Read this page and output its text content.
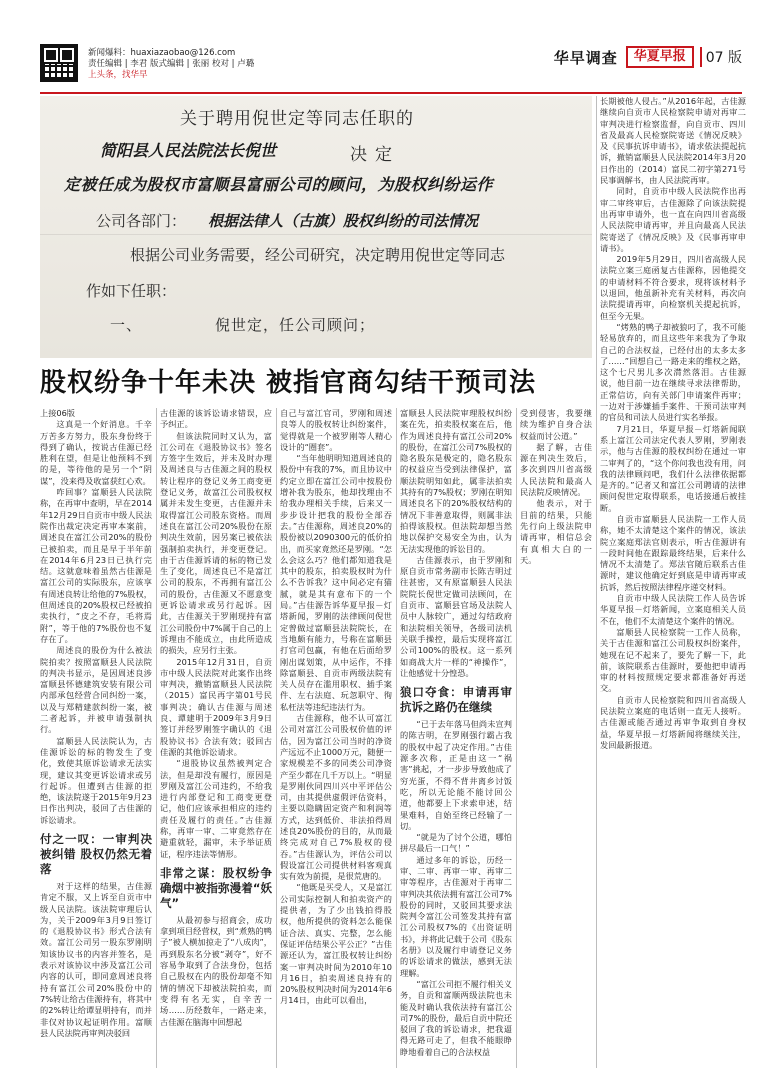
新闻爆料：huaxiazaobao@126.com
责任编辑 | 李君 版式编辑 | 张丽 校对 | 卢璐
上头条，找华早
华早调查	华夏早报	07 版
关于聘用倪世定等同志任职的
简阳县人民法院法长倪世	决定
定被任成为股权市富顺县富丽公司的顾问，为股权纠纷运作
公司各部门： 根据法律人（古旗）股权纠纷的司法情况
根据公司业务需要，经公司研究，决定聘用倪世定等同志
作如下任职：
一、	倪世定，任公司顾问；
股权纷争十年未决 被指官商勾结干预司法

上接06版

这真是一个好消息。千辛万苦多方努力，股东身份终于得到了确认，按说古佳源已经胜利在望，但是让他预料不到的是，等待他的是另一个“阴谋”，没来得及收富获红心欢。

咋回事？富顺县人民法院称，在再审中查明，早在2014年12月29日自贡市中级人民法院作出裁定决定再审本案前，周述良在富江公司20%的股份已被拍卖，而且是早于半年前在2014年6月23日已执行完结。这就意味着虽然古佳源是富江公司的实际股东，应该享有周述良转让给他的7%股权，但周述良的20%股权已经被拍卖执行，“皮之不存，毛将焉附”，等于他的7%股份也不复存在了。

周述良的股份为什么被法院拍卖？按照富顺县人民法院的判决书显示，是因周述良涉富顺县怀德建筑安装有限公司内部承包经营合同纠纷一案，以及与郑精建款纠纷一案，被二者起诉，并被申请强制执行。

富顺县人民法院认为，古佳源诉讼的标的物发生了变化，致使其原诉讼请求无法实现，建议其变更诉讼请求或另行起诉。但遭到古佳源的拒绝，该法院遂于2015年9月23日作出判决，驳回了古佳源的诉讼请求。

付之一叹：一审判决被纠错 股权仍然无着落

对于这样的结果，古佳源肯定不服，又上诉至自贡市中级人民法院。该法院审理后认为，关于2009年3月9日签订的《退股协议书》形式合法有效。富江公司另一股东罗刚明知该协议书的内容并签名，是表示对该协议中涉及富江公司内容的认可，即同意周述良将持有富江公司20%股份中的7%转让给古佳源持有，将其中的2%转让给谭显明持有，而并非仅对协议起证明作用。富顺县人民法院再审判决驳回

古佳源的该诉讼请求错误，应予纠正。

但该法院同时又认为，富江公司在《退股协议书》签名方签字生效后，并未及时办理及周述良与古佳源之间的股权转让程序的登记义务工商变更登记义务，故富江公司股权权属并未发生变更，古佳源并未取得富江公司股东资格。而周述良在富江公司20%股份在原判决生效前，因另案已被依法强制拍卖执行，并变更登记。由于古佳源诉请的标的物已发生了变化，周述良已不是富江公司的股东，不再拥有富江公司的股份，古佳源又不愿意变更诉讼请求或另行起诉。因此，古佳源关于罗刚现持有富江公司股份中7%属于自己的上诉理由不能成立，由此所造成的损失，应另行主张。

2015年12月31日，自贡市中级人民法院对此案作出终审判决，撤销富顺县人民法院（2015）富民再字第01号民事判决；确认古佳源与周述良、谭建明于2009年3月9日签订并经罗刚签字确认的《退股协议书》合法有效；驳回古佳源的其他诉讼请求。

“退股协议虽然被判定合法，但是却没有履行，原因是罗刚及富江公司违约，不给我进行内部登记和工商变更登记，他们应该承担相应的违约责任及履行的责任。”古佳源称，再审一审、二审竟然存在避重就轻，漏审，未予举证质证，程序违法等情形。

非常之谋：股权纷争确烟中被指弥漫着“妖气”

从最初参与招商会，成功拿到项目经营权，到“煮熟的鸭子”被人横加掠走了“八成肉”，再到股东名分被“剥夺”，好不容易争取到了合法身份，包括自己股权在内的股份却毫不知情的情况下却被法院拍卖，而变得有名无实，自辛苦一场……历经数年，一路走来，古佳源在脑海中回想起

自己与富江官司，罗刚和周述良等人的股权转让纠纷案件，觉得就是一个被罗刚等人精心设计的“圈套”。

“当年他明明知道周述良的股份中有我的7%，而且协议中约定立即在富江公司中按股份增补我为股东，他却找理由不给我办理相关手续，后来又一步步设计把我的股份全部吞去。”古佳源称，周述良20%的股份被以2090300元的低价拍出，而买家竟然还是罗刚。“怎么会这么巧？他们都知道我是其中的股东，拍卖股权时为什么不告诉我？这中间必定有猫腻，就是其有意布下的一个局。”古佳源告诉华夏早报－灯塔新闻，罗刚的法律顾问倪世定曾做过富顺县法院院长，在当地颇有能力，号称在富顺县打官司包赢，有他在后面给罗刚出谋划策，从中运作，不排除富顺县、自贡市两级法院有关人员存在滥用职权、插手案件、左右法庭、玩忽职守、徇私枉法等违纪违法行为。

古佳源称，他不认可富江公司对富江公司股权价值的评估，因为富江公司当时的净资产远远不止1000万元，随便一家规模差不多的同类公司净资产至少都在几千万以上。“明显是罗刚伙同四川兴中平评估公司，由其提供虚假评估资料，主要以隐瞒固定资产和利润等方式，达到低价、非法拍得周述良20%股份的目的，从而最终完成对自己7%股权的侵吞。”古佳源认为，评估公司以假设富江公司提供材料客观真实有效为前提，是很荒唐的。

“他既是买受人，又是富江公司实际控制人和拍卖资产的提供者，为了少出钱拍得股权，他所提供的资料怎么能保证合法、真实、完整，怎么能保证评估结果公平公正？”古佳源还认为，富江股权转让纠纷案一审判决时间为2010年10月16日，拍卖周述良持有的20%股权判决时间为2014年6月14日，由此可以看出，

富顺县人民法院审理股权纠纷案在先，拍卖股权案在后，他作为周述良持有富江公司20%的股份，在富江公司7%股权的隐名股东是极定的，隐名股东的权益应当受到法律保护，富顺法院明知如此，属非法拍卖其持有的7%股权；罗刚在明知周述良名下的20%股权结构的情况下非善意取得，则属非法拍得该股权。但法院却想当然地以保护交易安全为由，认为无法实现他的诉讼目的。

古佳源表示，由于罗刚和原自贡市常务副市长陈吉明过往甚密，又有原富顺县人民法院院长倪世定做司法顾问，在自贡市、富顺县官场及法院人员中人脉较广，通过勾结政府和法院相关领导，各级司法机关联手操控，最后实现将富江公司100%的股权。这一系列如商战大片一样的“神操作”，让他感觉十分惶恐。

狼口夺食：申请再审抗诉之路仍在继续

“已于去年落马但尚未宣判的陈吉明，在罗刚强行霸占我的股权中起了决定作用。”古佳源多次称，正是由这一“祸害”挑起，才一步步导致他成了穷光蛋，不得不背井离乡讨饭吃，所以无论能不能讨回公道，他都要上下求索申述，结果难料，自始至终已经输了一切。

“就是为了讨个公道，哪怕拼尽最后一口气！”

通过多年的诉讼，历经一审、二审、再审一审、再审二审等程序，古佳源对于再审二审判决其依法拥有富江公司7%股份的同时，又驳回其要求法院判令富江公司签发其持有富江公司股权7%的《出资证明书》，并将此记载于公司《股东名册》以及履行申请登记义务的诉讼请求的做法，感到无法理解。

“富江公司拒不履行相关义务，自贡和富顺两级法院也未能及时确认我依法持有富江公司7%的股份，最后自贡中院还驳回了我的诉讼请求，把我逼得无路可走了，但我不能眼睁睁地看着自己的合法权益

受到侵害，我要继续为维护自身合法权益而讨公道。”

据了解，古佳源在判决生效后，多次到四川省高级人民法院和最高人民法院反映情况。

他表示，对于目前的结果，只能先行向上级法院申请再审，相信总会有真相大白的一天。

长期被他人侵占。”从2016年起，古佳源继续向自贡市人民检察院申请对再审二审判决进行检察监督，向自贡市、四川省及最高人民检察院寄送《情况反映》及《民事抗诉申请书》，请求依法提起抗诉，撤销富顺县人民法院2014年3月20日作出的（2014）富民二初字第271号民事调解书，由人民法院再审。

同时，自贡市中级人民法院作出再审二审终审后，古佳源除了向该法院提出再审申请外，也一直在向四川省高级人民法院申请再审，并且向最高人民法院寄送了《情况反映》及《民事再审申请书》。

2019年5月29日，四川省高级人民法院立案三庭函复古佳源称，因他提交的申请材料不符合要求，现将该材料予以退回，他虽新补充有关材料，再次向法院提请再审，向检察机关提起抗诉，但至今无果。

“烤熟的鸭子却被狼叼了，我不可能轻易放弃的，而且这些年来我为了争取自己的合法权益，已经付出的太多太多了……”回想自己一路走来的维权之路，这个七尺男儿多次潸然落泪。古佳源说，他目前一边在继续寻求法律帮助，正常信访，向有关部门申请案件再审；一边对于涉嫌插手案件、干预司法审判的官员和司法人员进行实名举报。

7月21日，华夏早报－灯塔新闻联系上富江公司法定代表人罗刚，罗刚表示，他与古佳源的股权纠纷在通过一审二审判了的，“这个你问我也没有用，问我的法律顾问吧，我们什么法律依据都是齐的。”记者又和富江公司聘请的法律顾问倪世定取得联系，电话接通后被挂断。

自贡市富顺县人民法院一工作人员称，她不太清楚这个案件的情况，该法院立案庭郑法官则表示，听古佳源讲有一段时间他在跟踪最终结果，后来什么情况不太清楚了。郑法官随后联系古佳源时，建议他确定好到底是申请再审或抗诉，然后按照法律程序递交材料。

自贡市中级人民法院工作人员告诉华夏早报－灯塔新闻，立案庭相关人员不在，他们不太清楚这个案件的情况。

富顺县人民检察院一工作人员称，关于古佳源和富江公司股权纠纷案件，她现在记不起来了，要先了解一下，此前，该院联系古佳源时，要他把申请再审的材料按照规定要求都准备好再送交。

自贡市人民检察院和四川省高级人民法院立案庭的电话则一直无人接听。古佳源或能否通过再审争取到自身权益，华夏早报－灯塔新闻将继续关注，发回最新报道。
